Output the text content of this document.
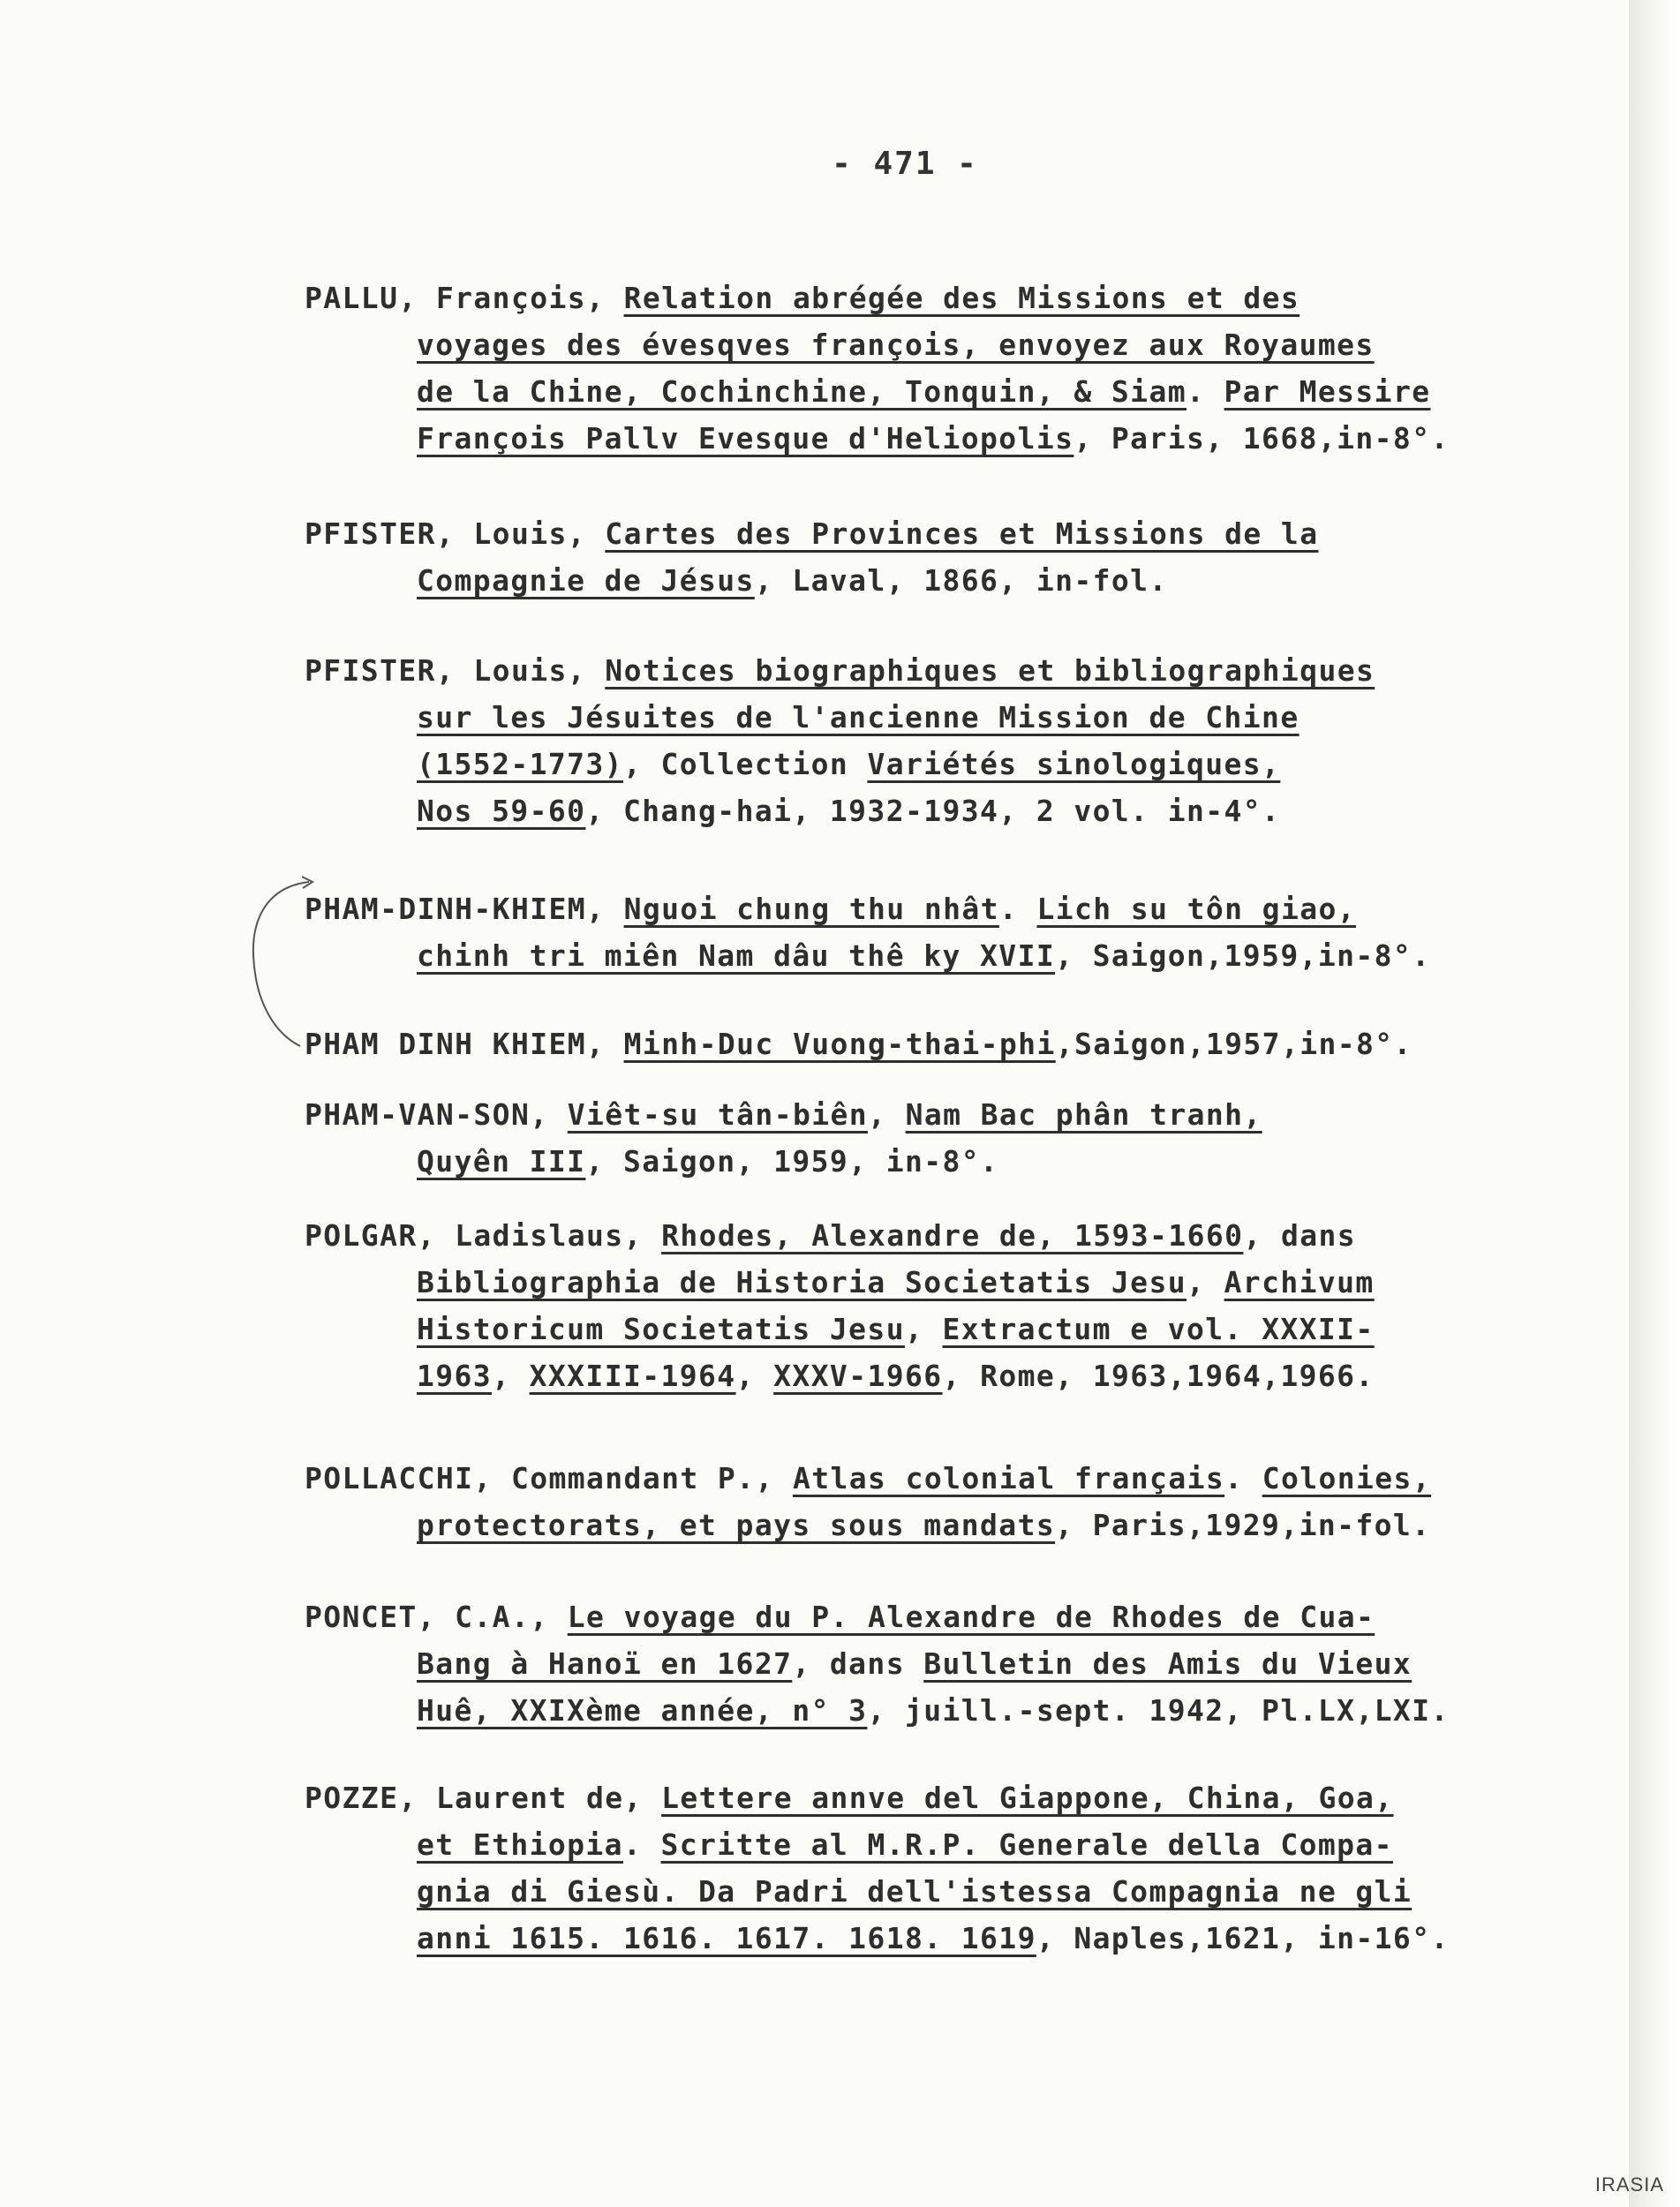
- 471 -
PALLU, François, Relation abrégée des Missions et des
voyages des évesqves françois, envoyez aux Royaumes
de la Chine, Cochinchine, Tonquin, & Siam. Par Messire
François Pallv Evesque d'Heliopolis, Paris, 1668,in-8°.
PFISTER, Louis, Cartes des Provinces et Missions de la
Compagnie de Jésus, Laval, 1866, in-fol.
PFISTER, Louis, Notices biographiques et bibliographiques
sur les Jésuites de l'ancienne Mission de Chine
(1552-1773), Collection Variétés sinologiques,
Nos 59-60, Chang-hai, 1932-1934, 2 vol. in-4°.
PHAM-DINH-KHIEM, Nguoi chung thu nhât. Lich su tôn giao,
chinh tri miên Nam dâu thê ky XVII, Saigon,1959,in-8°.
PHAM DINH KHIEM, Minh-Duc Vuong-thai-phi,Saigon,1957,in-8°.
PHAM-VAN-SON, Viêt-su tân-biên, Nam Bac phân tranh,
Quyên III, Saigon, 1959, in-8°.
POLGAR, Ladislaus, Rhodes, Alexandre de, 1593-1660, dans
Bibliographia de Historia Societatis Jesu, Archivum
Historicum Societatis Jesu, Extractum e vol. XXXII-
1963, XXXIII-1964, XXXV-1966, Rome, 1963,1964,1966.
POLLACCHI, Commandant P., Atlas colonial français. Colonies,
protectorats, et pays sous mandats, Paris,1929,in-fol.
PONCET, C.A., Le voyage du P. Alexandre de Rhodes de Cua-
Bang à Hanoï en 1627, dans Bulletin des Amis du Vieux
Huê, XXIXème année, n° 3, juill.-sept. 1942, Pl.LX,LXI.
POZZE, Laurent de, Lettere annve del Giappone, China, Goa,
et Ethiopia. Scritte al M.R.P. Generale della Compa-
gnia di Giesù. Da Padri dell'istessa Compagnia ne gli
anni 1615. 1616. 1617. 1618. 1619, Naples,1621, in-16°.
IRASIA
